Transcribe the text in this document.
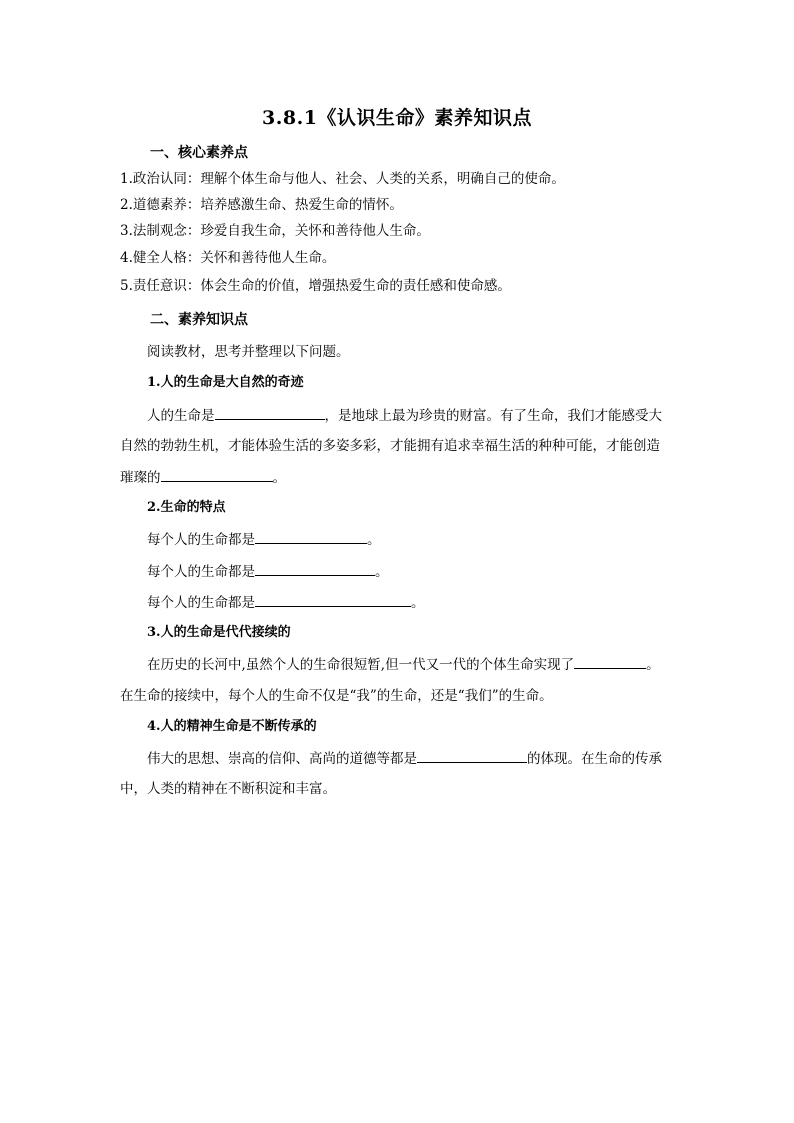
3.8.1《认识生命》素养知识点
一、核心素养点
1.政治认同：理解个体生命与他人、社会、人类的关系，明确自己的使命。
2.道德素养：培养感激生命、热爱生命的情怀。
3.法制观念：珍爱自我生命，关怀和善待他人生命。
4.健全人格：关怀和善待他人生命。
5.责任意识：体会生命的价值，增强热爱生命的责任感和使命感。
二、素养知识点
阅读教材，思考并整理以下问题。
1.人的生命是大自然的奇迹
人的生命是	，是地球上最为珍贵的财富。有了生命，我们才能感受大
自然的勃勃生机，才能体验生活的多姿多彩，才能拥有追求幸福生活的种种可能，才能创造
璀璨的	。
2.生命的特点
每个人的生命都是	。
每个人的生命都是	。
每个人的生命都是	。
3.人的生命是代代接续的
在历史的长河中,虽然个人的生命很短暂,但一代又一代的个体生命实现了	。
在生命的接续中，每个人的生命不仅是“我”的生命，还是“我们”的生命。
4.人的精神生命是不断传承的
伟大的思想、崇高的信仰、高尚的道德等都是	的体现。在生命的传承
中，人类的精神在不断积淀和丰富。
